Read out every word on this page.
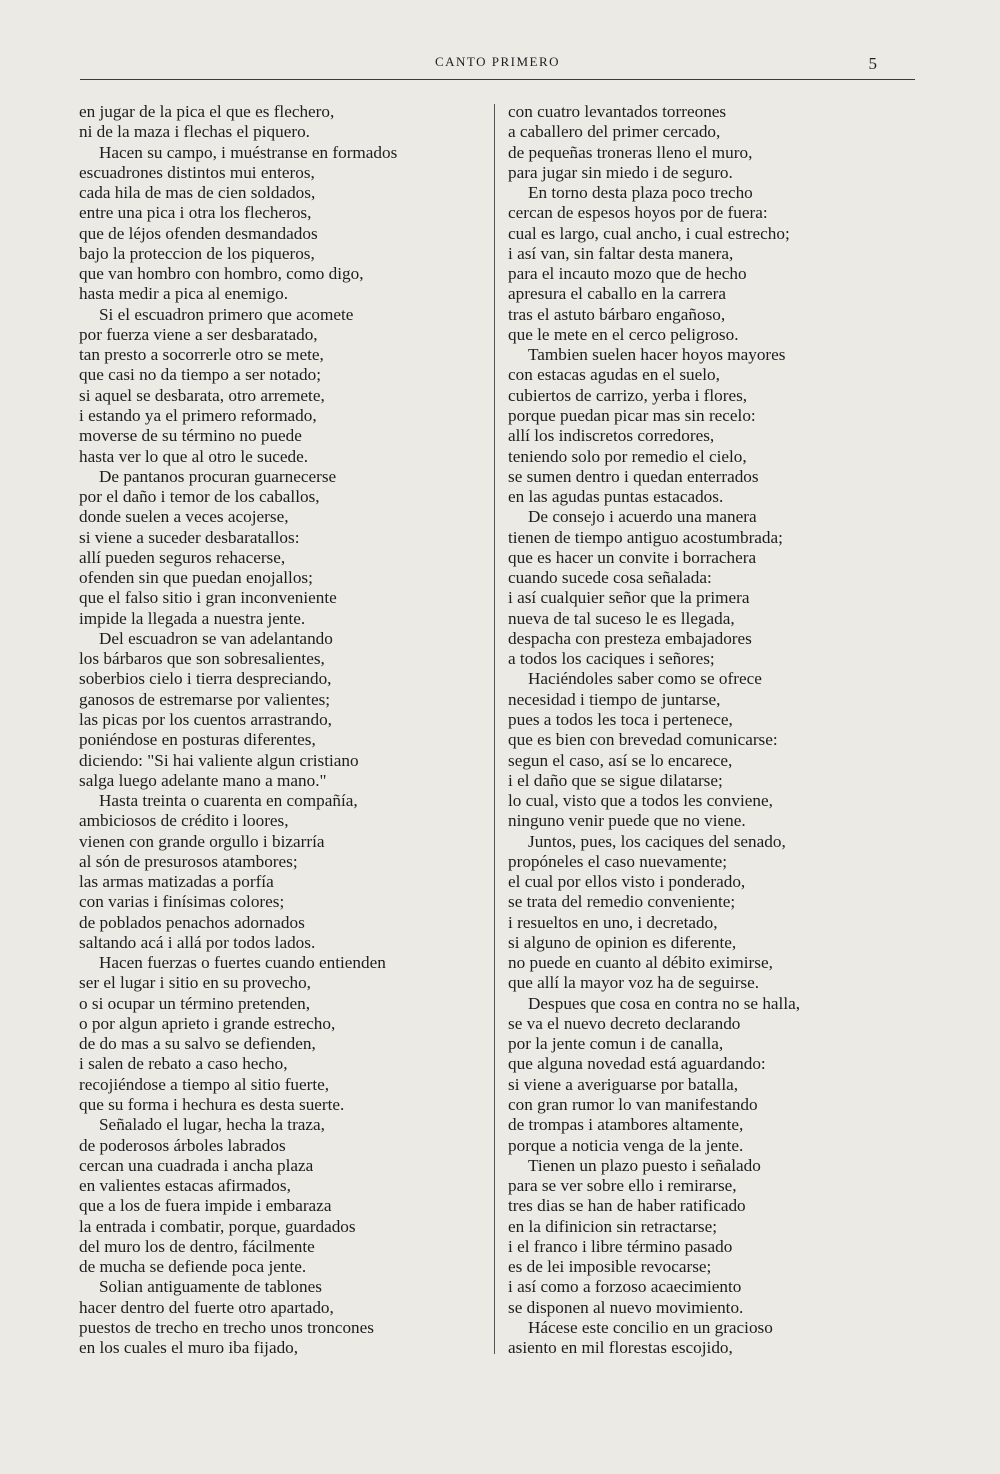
CANTO PRIMERO	5
en jugar de la pica el que es flechero,
ni de la maza i flechas el piquero.
Hacen su campo, i muéstranse en formados
escuadrones distintos mui enteros,
cada hila de mas de cien soldados,
entre una pica i otra los flecheros,
que de léjos ofenden desmandados
bajo la proteccion de los piqueros,
que van hombro con hombro, como digo,
hasta medir a pica al enemigo.
Si el escuadron primero que acomete
por fuerza viene a ser desbaratado,
tan presto a socorrerle otro se mete,
que casi no da tiempo a ser notado;
si aquel se desbarata, otro arremete,
i estando ya el primero reformado,
moverse de su término no puede
hasta ver lo que al otro le sucede.
De pantanos procuran guarnecerse
por el daño i temor de los caballos,
donde suelen a veces acojerse,
si viene a suceder desbaratallos:
allí pueden seguros rehacerse,
ofenden sin que puedan enojallos;
que el falso sitio i gran inconveniente
impide la llegada a nuestra jente.
Del escuadron se van adelantando
los bárbaros que son sobresalientes,
soberbios cielo i tierra despreciando,
ganosos de estremarse por valientes;
las picas por los cuentos arrastrando,
poniéndose en posturas diferentes,
diciendo: "Si hai valiente algun cristiano
salga luego adelante mano a mano."
Hasta treinta o cuarenta en compañía,
ambiciosos de crédito i loores,
vienen con grande orgullo i bizarría
al són de presurosos atambores;
las armas matizadas a porfía
con varias i finísimas colores;
de poblados penachos adornados
saltando acá i allá por todos lados.
Hacen fuerzas o fuertes cuando entienden
ser el lugar i sitio en su provecho,
o si ocupar un término pretenden,
o por algun aprieto i grande estrecho,
de do mas a su salvo se defienden,
i salen de rebato a caso hecho,
recojiéndose a tiempo al sitio fuerte,
que su forma i hechura es desta suerte.
Señalado el lugar, hecha la traza,
de poderosos árboles labrados
cercan una cuadrada i ancha plaza
en valientes estacas afirmados,
que a los de fuera impide i embaraza
la entrada i combatir, porque, guardados
del muro los de dentro, fácilmente
de mucha se defiende poca jente.
Solian antiguamente de tablones
hacer dentro del fuerte otro apartado,
puestos de trecho en trecho unos troncones
en los cuales el muro iba fijado,
con cuatro levantados torreones
a caballero del primer cercado,
de pequeñas troneras lleno el muro,
para jugar sin miedo i de seguro.
En torno desta plaza poco trecho
cercan de espesos hoyos por de fuera:
cual es largo, cual ancho, i cual estrecho;
i así van, sin faltar desta manera,
para el incauto mozo que de hecho
apresura el caballo en la carrera
tras el astuto bárbaro engañoso,
que le mete en el cerco peligroso.
Tambien suelen hacer hoyos mayores
con estacas agudas en el suelo,
cubiertos de carrizo, yerba i flores,
porque puedan picar mas sin recelo:
allí los indiscretos corredores,
teniendo solo por remedio el cielo,
se sumen dentro i quedan enterrados
en las agudas puntas estacados.
De consejo i acuerdo una manera
tienen de tiempo antiguo acostumbrada;
que es hacer un convite i borrachera
cuando sucede cosa señalada:
i así cualquier señor que la primera
nueva de tal suceso le es llegada,
despacha con presteza embajadores
a todos los caciques i señores;
Haciéndoles saber como se ofrece
necesidad i tiempo de juntarse,
pues a todos les toca i pertenece,
que es bien con brevedad comunicarse:
segun el caso, así se lo encarece,
i el daño que se sigue dilatarse;
lo cual, visto que a todos les conviene,
ninguno venir puede que no viene.
Juntos, pues, los caciques del senado,
propóneles el caso nuevamente;
el cual por ellos visto i ponderado,
se trata del remedio conveniente;
i resueltos en uno, i decretado,
si alguno de opinion es diferente,
no puede en cuanto al débito eximirse,
que allí la mayor voz ha de seguirse.
Despues que cosa en contra no se halla,
se va el nuevo decreto declarando
por la jente comun i de canalla,
que alguna novedad está aguardando:
si viene a averiguarse por batalla,
con gran rumor lo van manifestando
de trompas i atambores altamente,
porque a noticia venga de la jente.
Tienen un plazo puesto i señalado
para se ver sobre ello i remirarse,
tres dias se han de haber ratificado
en la difinicion sin retractarse;
i el franco i libre término pasado
es de lei imposible revocarse;
i así como a forzoso acaecimiento
se disponen al nuevo movimiento.
Hácese este concilio en un gracioso
asiento en mil florestas escojido,
